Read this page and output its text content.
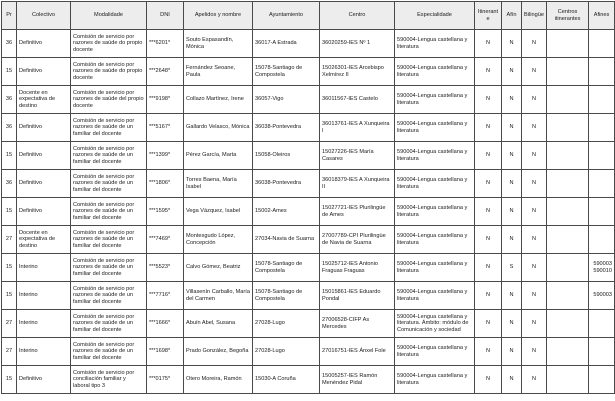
Pr	Colectivo	Modalidade	DNI	Apelidos y nombre	Ayuntamiento	Centro	Especialidade	Itinerante	Afín	Bilingüe	Centros itinerantes	Afines
36	Definitivo	Comisión de servicio por razones de saúde do propio docente	***6201*	Souto Espasandín, Mónica	36017-A Estrada	36020259-IES Nº 1	590004-Lengua castellana y literatura	N	N	N		
15	Definitivo	Comisión de servicio por razones de saúde do propio docente	***2648*	Fernández Seoane, Paula	15078-Santiago de Compostela	15026301-IES Arcebispo Xelmírez II	590004-Lengua castellana y literatura	N	N	N		
36	Docente en expectativa de destino	Comisión de servicio por razones de saúde del propio docente	***9198*	Collazo Martínez, Irene	36057-Vigo	36011567-IES Castelo	590004-Lengua castellana y literatura	N	N	N		
36	Definitivo	Comisión de servicio por razones de saúde de un familiar del docente	***5167*	Gallardo Velasco, Mónica	36038-Pontevedra	36013761-IES A Xunqueira I	590004-Lengua castellana y literatura	N	N	N		
15	Definitivo	Comisión de servicio por razones de saúde de un familiar del docente	***1399*	Pérez García, Marta	15058-Oleiros	15027226-IES María Casares	590004-Lengua castellana y literatura	N	N	N		
36	Definitivo	Comisión de servicio por razones de saúde de un familiar del docente	***1806*	Torres Baena, María Isabel	36038-Pontevedra	36018379-IES A Xunqueira II	590004-Lengua castellana y literatura	N	N	N		
15	Definitivo	Comisión de servicio por razones de saúde de un familiar del docente	***1595*	Vega Vázquez, Isabel	15002-Ames	15027721-IES Plurilingüe de Ames	590004-Lengua castellana y literatura	N	N	N		
27	Docente en expectativa de destino	Comisión de servicio por razones de saúde de un familiar del docente	***7469*	Montesgudo López, Concepción	27034-Navia de Suarna	27007789-CPI Plurilingüe de Navia de Suarna	590004-Lengua castellana y literatura	N	N	N		
15	Interino	Comisión de servicio por razones de saúde de un familiar del docente	***5523*	Calvo Gómez, Beatriz	15078-Santiago de Compostela	15025712-IES Antonio Fraguas Fraguas	590004-Lengua castellana y literatura	N	S	N		590003 590010
15	Interino	Comisión de servicio por razones de saúde de un familiar del docente	***7716*	Villasenín Carballo, María del Carmen	15078-Santiago de Compostela	15015861-IES Eduardo Pondal	590004-Lengua castellana y literatura	N	N	N		590003
27	Interino	Comisión de servicio por razones de saúde de un familiar del docente	***1666*	Abuín Abel, Susana	27028-Lugo	27006528-CIFP As Mercedes	590004-Lengua castellana y literatura. Ámbito: módulo de Comunicación y sociedad	N	N	N		
27	Interino	Comisión de servicio por razones de saúde de un familiar del docente	***1698*	Prado González, Begoña	27028-Lugo	27016751-IES Ánxel Fole	590004-Lengua castellana y literatura	N	N	N		
15	Definitivo	Comisión de servicio por conciliación familiar y laboral tipo 3	***0175*	Otero Moreira, Ramón	15030-A Coruña	15005257-IES Ramón Menéndez Pidal	590004-Lengua castellana y literatura	N	N	N		
